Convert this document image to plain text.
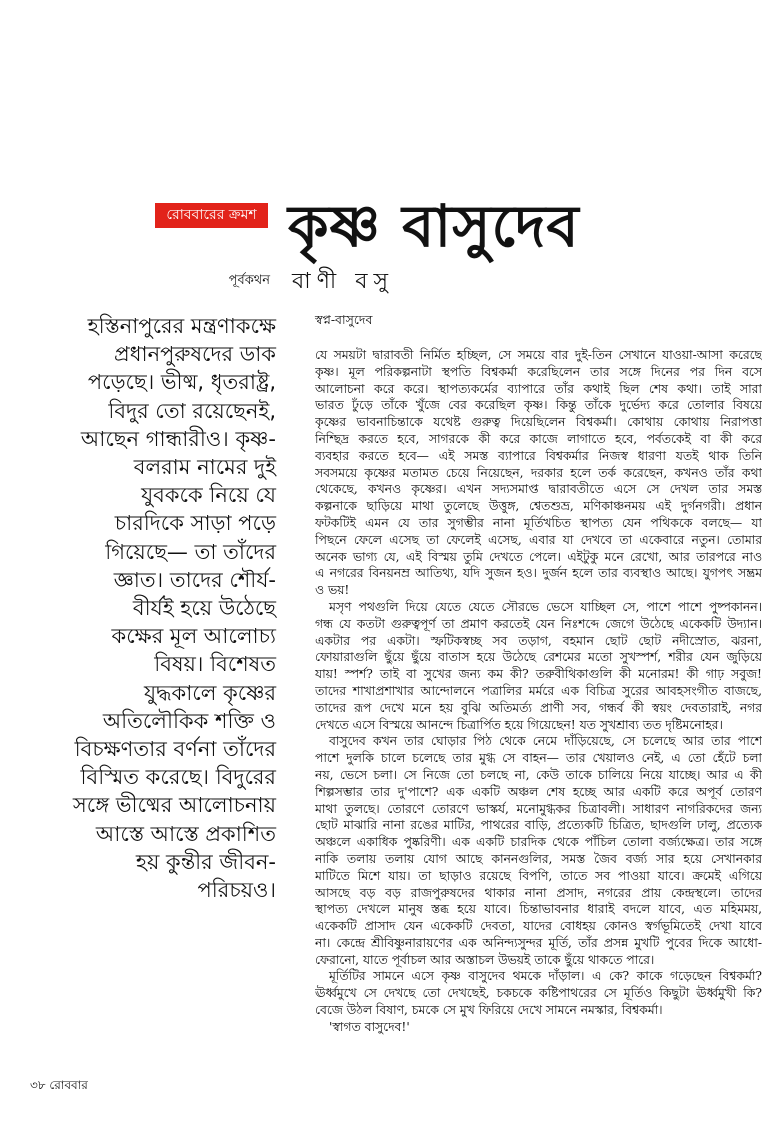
রোববারের ক্রমশ কৃষ্ণ বাসুদেব
পূর্বকথন বাণী বসু
হস্তিনাপুরের মন্ত্রণাকক্ষে
প্রধানপুরুষদের ডাক
পড়েছে। ভীষ্ম, ধৃতরাষ্ট্র,
বিদুর তো রয়েছেনই,
আছেন গান্ধারীও। কৃষ্ণ-
বলরাম নামের দুই
যুবককে নিয়ে যে
চারদিকে সাড়া পড়ে
গিয়েছে— তা তাঁদের
জ্ঞাত। তাদের শৌর্য-
বীর্যই হয়ে উঠেছে
কক্ষের মূল আলোচ্য
বিষয়। বিশেষত
যুদ্ধকালে কৃষ্ণের
অতিলৌকিক শক্তি ও
বিচক্ষণতার বর্ণনা তাঁদের
বিস্মিত করেছে। বিদুরের
সঙ্গে ভীষ্মের আলোচনায়
আস্তে আস্তে প্রকাশিত
হয় কুন্তীর জীবন-
পরিচয়ও।
স্বপ্ন-বাসুদেব
যে সময়টা দ্বারাবতী নির্মিত হচ্ছিল, সে সময়ে বার দুই-তিন সেখানে যাওয়া-আসা করেছে
কৃষ্ণ। মূল পরিকল্পনাটা স্থপতি বিশ্বকর্মা করেছিলেন তার সঙ্গে দিনের পর দিন বসে
আলোচনা করে করে। স্থাপত্যকর্মের ব্যাপারে তাঁর কথাই ছিল শেষ কথা। তাই সারা
ভারত ঢুঁড়ে তাঁকে খুঁজে বের করেছিল কৃষ্ণ। কিন্তু তাঁকে দুর্ভেদ্য করে তোলার বিষয়ে
কৃষ্ণের ভাবনাচিন্তাকে যথেষ্ট গুরুত্ব দিয়েছিলেন বিশ্বকর্মা। কোথায় কোথায় নিরাপত্তা
নিশ্ছিদ্র করতে হবে, সাগরকে কী করে কাজে লাগাতে হবে, পর্বতকেই বা কী করে
ব্যবহার করতে হবে— এই সমস্ত ব্যাপারে বিশ্বকর্মার নিজস্ব ধারণা যতই থাক তিনি
সবসময়ে কৃষ্ণের মতামত চেয়ে নিয়েছেন, দরকার হলে তর্ক করেছেন, কখনও তাঁর কথা
থেকেছে, কখনও কৃষ্ণের। এখন সদ্যসমাপ্ত দ্বারাবতীতে এসে সে দেখল তার সমস্ত
কল্পনাকে ছাড়িয়ে মাথা তুলেছে উত্তুঙ্গ, শ্বেতশুভ্র, মণিকাঞ্চনময় এই দুর্গনগরী। প্রধান
ফটকটিই এমন যে তার সুগম্ভীর নানা মূর্তিখচিত স্থাপত্য যেন পথিককে বলছে— যা
পিছনে ফেলে এসেছ তা ফেলেই এসেছ, এবার যা দেখবে তা একেবারে নতুন। তোমার
অনেক ভাগ্য যে, এই বিস্ময় তুমি দেখতে পেলে। এইটুকু মনে রেখো, আর তারপরে নাও
এ নগরের বিনয়নম্র আতিথ্য, যদি সুজন হও। দুর্জন হলে তার ব্যবস্থাও আছে। যুগপৎ সম্ভ্রম
ও ভয়!
মসৃণ পথগুলি দিয়ে যেতে যেতে সৌরভে ভেসে যাচ্ছিল সে, পাশে পাশে পুষ্পকানন।
গন্ধ যে কতটা গুরুত্বপূর্ণ তা প্রমাণ করতেই যেন নিঃশব্দে জেগে উঠেছে একেকটি উদ্যান।
একটার পর একটা। স্ফটিকস্বচ্ছ সব তড়াগ, বহমান ছোট ছোট নদীস্রোত, ঝরনা,
ফোয়ারাগুলি ছুঁয়ে ছুঁয়ে বাতাস হয়ে উঠেছে রেশমের মতো সুখস্পর্শ, শরীর যেন জুড়িয়ে
যায়! স্পর্শ? তাই বা সুখের জন্য কম কী? তরুবীথিকাগুলি কী মনোরম! কী গাঢ় সবুজ!
তাদের শাখাপ্রশাখার আন্দোলনে পত্রালির মর্মরে এক বিচিত্র সুরের আবহসংগীত বাজছে,
তাদের রূপ দেখে মনে হয় বুঝি অতিমর্ত্য প্রাণী সব, গন্ধর্ব কী স্বয়ং দেবতারাই, নগর
দেখতে এসে বিস্ময়ে আনন্দে চিত্রার্পিত হয়ে গিয়েছেন! যত সুখশ্রাব্য তত দৃষ্টিমনোহর।
বাসুদেব কখন তার ঘোড়ার পিঠ থেকে নেমে দাঁড়িয়েছে, সে চলেছে আর তার পাশে
পাশে দুলকি চালে চলেছে তার মুগ্ধ সে বাহন— তার খেয়ালও নেই, এ তো হেঁটে চলা
নয়, ভেসে চলা। সে নিজে তো চলছে না, কেউ তাকে চালিয়ে নিয়ে যাচ্ছে। আর এ কী
শিল্পসম্ভার তার দু'পাশে? এক একটি অঞ্চল শেষ হচ্ছে আর একটি করে অপূর্ব তোরণ
মাথা তুলছে। তোরণে তোরণে ভাস্কর্য, মনোমুগ্ধকর চিত্রাবলী। সাধারণ নাগরিকদের জন্য
ছোট মাঝারি নানা রঙের মাটির, পাথরের বাড়ি, প্রত্যেকটি চিত্রিত, ছাদগুলি ঢালু, প্রত্যেক
অঞ্চলে একাধিক পুষ্করিণী। এক একটি চারদিক থেকে পাঁচিল তোলা বর্জ্যক্ষেত্র। তার সঙ্গে
নাকি তলায় তলায় যোগ আছে কাননগুলির, সমস্ত জৈব বর্জ্য সার হয়ে সেখানকার
মাটিতে মিশে যায়। তা ছাড়াও রয়েছে বিপণি, তাতে সব পাওয়া যাবে। ক্রমেই এগিয়ে
আসছে বড় বড় রাজপুরুষদের থাকার নানা প্রসাদ, নগরের প্রায় কেন্দ্রস্থলে। তাদের
স্থাপত্য দেখলে মানুষ স্তব্ধ হয়ে যাবে। চিন্তাভাবনার ধারাই বদলে যাবে, এত মহিমময়,
একেকটি প্রাসাদ যেন একেকটি দেবতা, যাদের বোধহয় কোনও স্বর্গভূমিতেই দেখা যাবে
না। কেন্দ্রে শ্রীবিষ্ণুনারায়ণের এক অনিন্দ্যসুন্দর মূর্তি, তাঁর প্রসন্ন মুখটি পুবের দিকে আধো-
ফেরানো, যাতে পূর্বাচল আর অস্তাচল উভয়ই তাকে ছুঁয়ে থাকতে পারে।
মূর্তিটির সামনে এসে কৃষ্ণ বাসুদেব থমকে দাঁড়াল। এ কে? কাকে গড়েছেন বিশ্বকর্মা?
ঊর্ধ্বমুখে সে দেখছে তো দেখছেই, চকচকে কষ্টিপাথরের সে মূর্তিও কিছুটা ঊর্ধ্বমুখী কি?
বেজে উঠল বিষাণ, চমকে সে মুখ ফিরিয়ে দেখে সামনে নমস্কার, বিশ্বকর্মা।
'স্বাগত বাসুদেব!'
৩৮ রোববার
